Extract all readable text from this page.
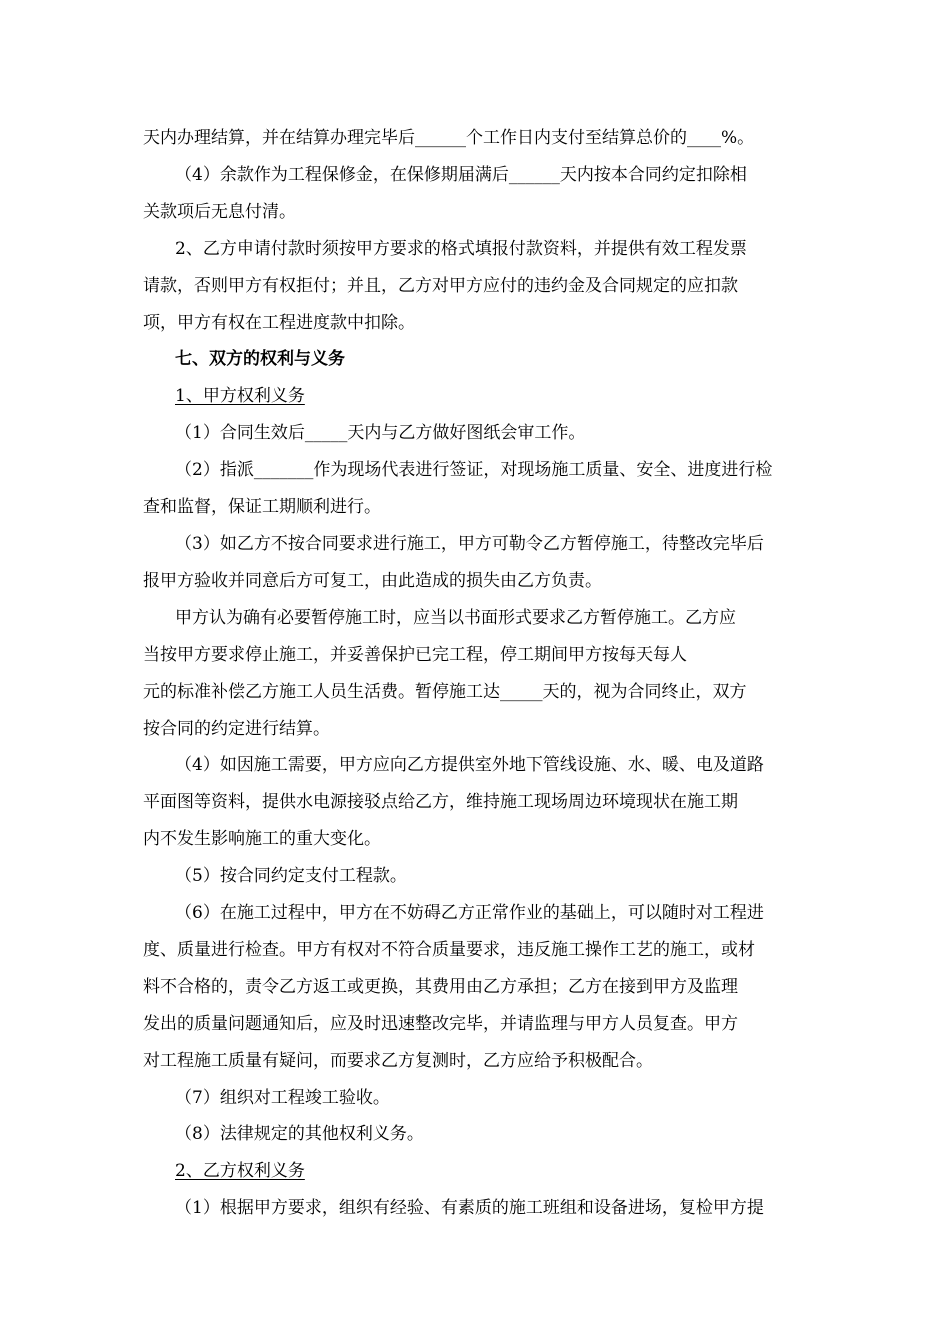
天内办理结算，并在结算办理完毕后______个工作日内支付至结算总价的____%。

（4）余款作为工程保修金，在保修期届满后______天内按本合同约定扣除相

关款项后无息付清。

2、乙方申请付款时须按甲方要求的格式填报付款资料，并提供有效工程发票

请款，否则甲方有权拒付；并且，乙方对甲方应付的违约金及合同规定的应扣款

项，甲方有权在工程进度款中扣除。

七、双方的权利与义务

1、甲方权利义务

（1）合同生效后_____天内与乙方做好图纸会审工作。

（2）指派_______作为现场代表进行签证，对现场施工质量、安全、进度进行检

查和监督，保证工期顺利进行。

（3）如乙方不按合同要求进行施工，甲方可勒令乙方暂停施工，待整改完毕后

报甲方验收并同意后方可复工，由此造成的损失由乙方负责。

甲方认为确有必要暂停施工时，应当以书面形式要求乙方暂停施工。乙方应

当按甲方要求停止施工，并妥善保护已完工程，停工期间甲方按每天每人

元的标准补偿乙方施工人员生活费。暂停施工达_____天的，视为合同终止，双方

按合同的约定进行结算。

（4）如因施工需要，甲方应向乙方提供室外地下管线设施、水、暖、电及道路

平面图等资料，提供水电源接驳点给乙方，维持施工现场周边环境现状在施工期

内不发生影响施工的重大变化。

（5）按合同约定支付工程款。

（6）在施工过程中，甲方在不妨碍乙方正常作业的基础上，可以随时对工程进

度、质量进行检查。甲方有权对不符合质量要求，违反施工操作工艺的施工，或材

料不合格的，责令乙方返工或更换，其费用由乙方承担；乙方在接到甲方及监理

发出的质量问题通知后，应及时迅速整改完毕，并请监理与甲方人员复查。甲方

对工程施工质量有疑问，而要求乙方复测时，乙方应给予积极配合。

（7）组织对工程竣工验收。

（8）法律规定的其他权利义务。

2、乙方权利义务

（1）根据甲方要求，组织有经验、有素质的施工班组和设备进场，复检甲方提
